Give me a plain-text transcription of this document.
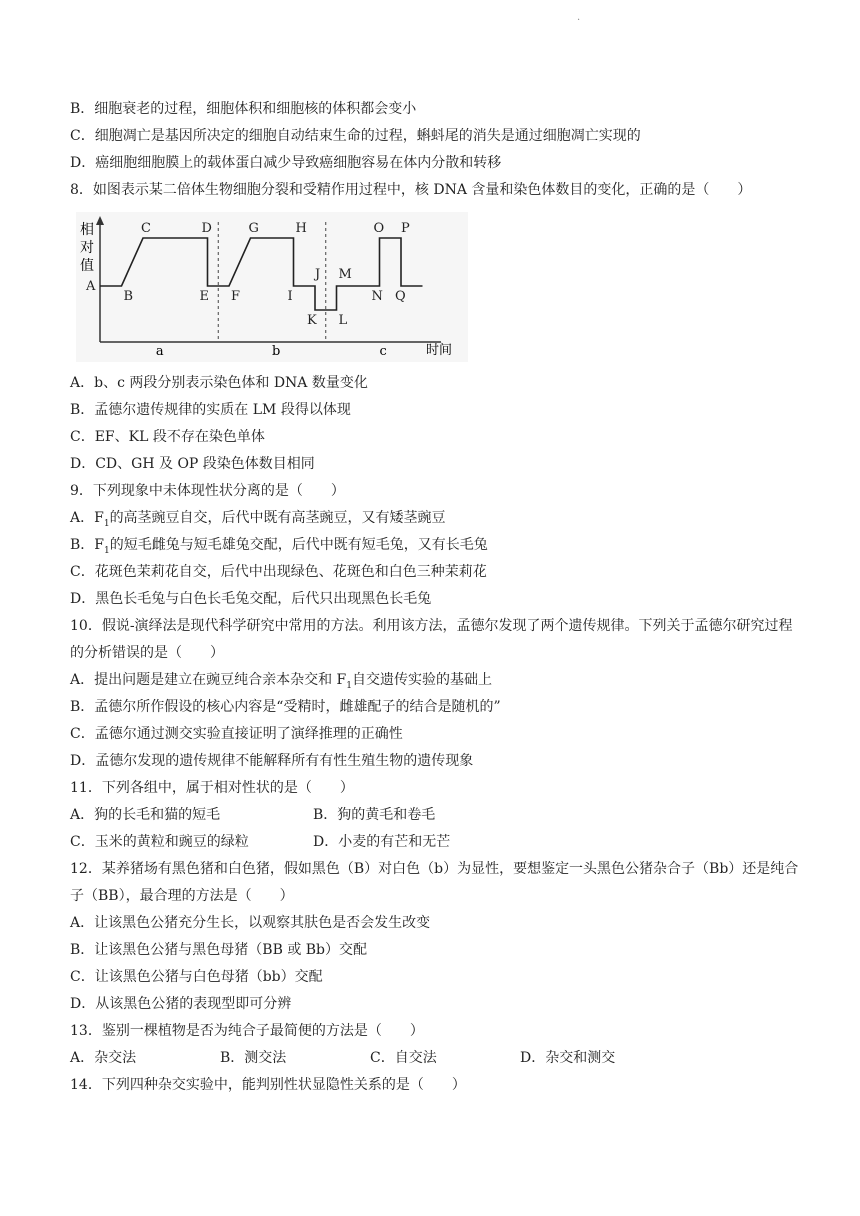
.
B．细胞衰老的过程，细胞体积和细胞核的体积都会变小
C．细胞凋亡是基因所决定的细胞自动结束生命的过程，蝌蚪尾的消失是通过细胞凋亡实现的
D．癌细胞细胞膜上的载体蛋白减少导致癌细胞容易在体内分散和转移
8．如图表示某二倍体生物细胞分裂和受精作用过程中，核 DNA 含量和染色体数目的变化，正确的是（　　）
相
对
值
时间
A
B
C	D
E F
G	H
I
J
K L
M
N
O P
Q
a	b	c
A．b、c 两段分别表示染色体和 DNA 数量变化
B．孟德尔遗传规律的实质在 LM 段得以体现
C．EF、KL 段不存在染色单体
D．CD、GH 及 OP 段染色体数目相同
9．下列现象中未体现性状分离的是（　　）
A．$F_1$的高茎豌豆自交，后代中既有高茎豌豆，又有矮茎豌豆
B．$F_1$的短毛雌兔与短毛雄兔交配，后代中既有短毛兔，又有长毛兔
C．花斑色茉莉花自交，后代中出现绿色、花斑色和白色三种茉莉花
D．黑色长毛兔与白色长毛兔交配，后代只出现黑色长毛兔
10．假说-演绎法是现代科学研究中常用的方法。利用该方法，孟德尔发现了两个遗传规律。下列关于孟德尔研究过程的分析错误的是（　　）
A．提出问题是建立在豌豆纯合亲本杂交和 $F_1$自交遗传实验的基础上
B．孟德尔所作假设的核心内容是“受精时，雌雄配子的结合是随机的”
C．孟德尔通过测交实验直接证明了演绎推理的正确性
D．孟德尔发现的遗传规律不能解释所有有性生殖生物的遗传现象
11．下列各组中，属于相对性状的是（　　）
A．狗的长毛和猫的短毛	B．狗的黄毛和卷毛
C．玉米的黄粒和豌豆的绿粒	D．小麦的有芒和无芒
12．某养猪场有黑色猪和白色猪，假如黑色（B）对白色（b）为显性，要想鉴定一头黑色公猪杂合子（Bb）还是纯合子（BB），最合理的方法是（　　）
A．让该黑色公猪充分生长，以观察其肤色是否会发生改变
B．让该黑色公猪与黑色母猪（BB 或 Bb）交配
C．让该黑色公猪与白色母猪（bb）交配
D．从该黑色公猪的表现型即可分辨
13．鉴别一棵植物是否为纯合子最简便的方法是（　　）
A．杂交法	B．测交法	C．自交法	D．杂交和测交
14．下列四种杂交实验中，能判别性状显隐性关系的是（　　）
